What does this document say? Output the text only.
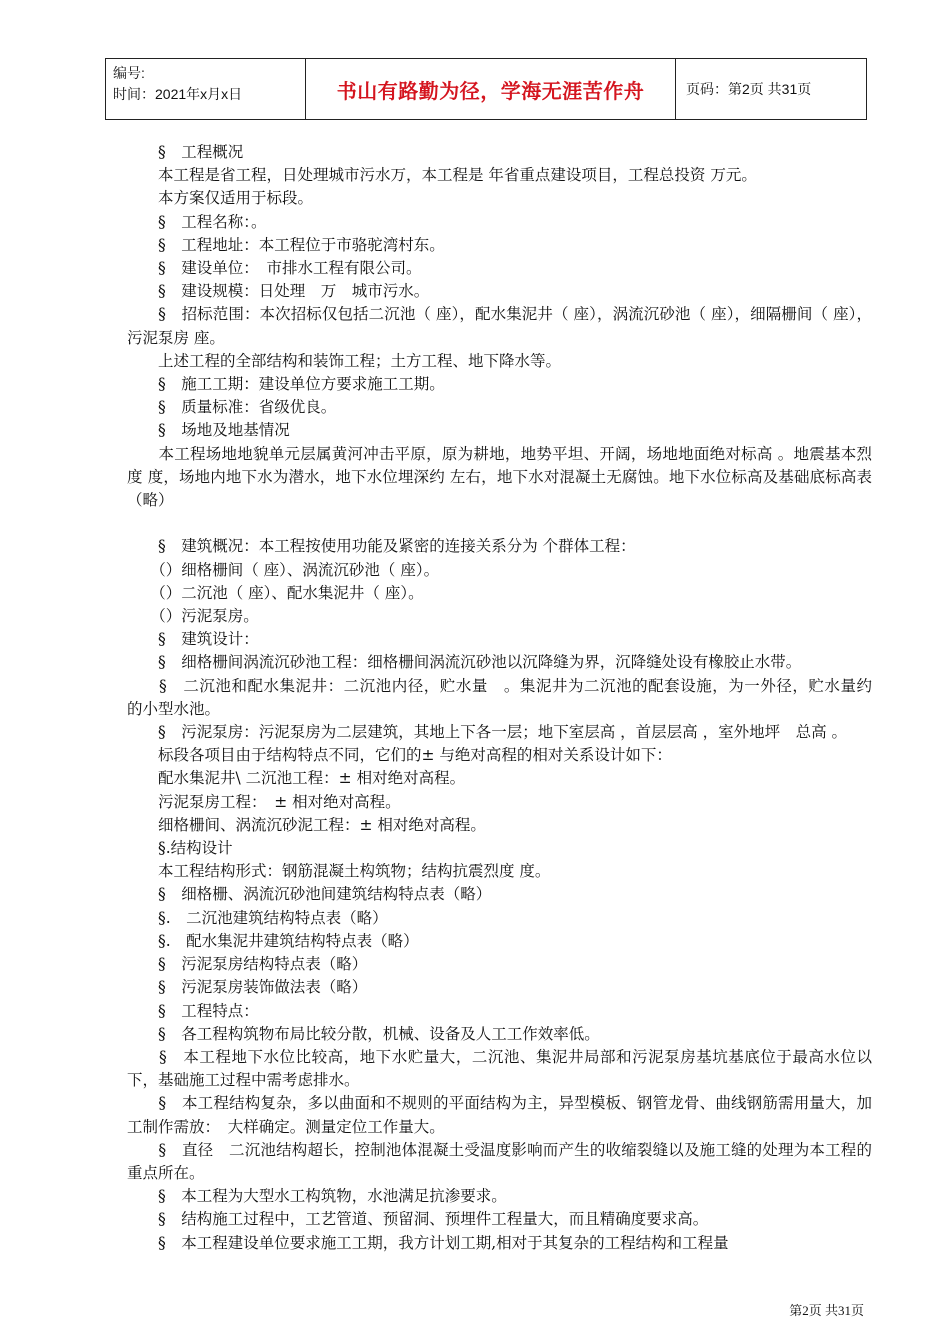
编号:
时间：2021年x月x日	书山有路勤为径，学海无涯苦作舟	页码：第2页 共31页

　　§　工程概况

　　本工程是省工程，日处理城市污水万，本工程是 年省重点建设项目，工程总投资 万元。

　　本方案仅适用于标段。

　　§　工程名称：。

　　§　工程地址：本工程位于市骆驼湾村东。

　　§　建设单位：　市排水工程有限公司。

　　§　建设规模：日处理　万　城市污水。

　　§　招标范围：本次招标仅包括二沉池（ 座），配水集泥井（ 座），涡流沉砂池（ 座），细隔栅间（ 座），污泥泵房 座。

　　上述工程的全部结构和装饰工程；土方工程、地下降水等。

　　§　施工工期：建设单位方要求施工工期。

　　§　质量标准：省级优良。

　　§　场地及地基情况

　　本工程场地地貌单元层属黄河冲击平原，原为耕地，地势平坦、开阔，场地地面绝对标高 。地震基本烈度 度，场地内地下水为潜水，地下水位埋深约 左右，地下水对混凝土无腐蚀。地下水位标高及基础底标高表（略）

　　§　建筑概况：本工程按使用功能及紧密的连接关系分为 个群体工程：

　　（）细格栅间（ 座）、涡流沉砂池（ 座）。

　　（）二沉池（ 座）、配水集泥井（ 座）。

　　（）污泥泵房。

　　§　建筑设计：

　　§　细格栅间涡流沉砂池工程：细格栅间涡流沉砂池以沉降缝为界，沉降缝处设有橡胶止水带。

　　§　二沉池和配水集泥井：二沉池内径，贮水量　。集泥井为二沉池的配套设施，为一外径，贮水量约　的小型水池。

　　§　污泥泵房：污泥泵房为二层建筑，其地上下各一层；地下室层高 ，首层层高 ，室外地坪　总高 。

　　标段各项目由于结构特点不同，它们的± 与绝对高程的相对关系设计如下：

　　配水集泥井\ 二沉池工程：± 相对绝对高程。

　　污泥泵房工程：　± 相对绝对高程。

　　细格栅间、涡流沉砂泥工程：± 相对绝对高程。

　　§.结构设计

　　本工程结构形式：钢筋混凝土构筑物；结构抗震烈度 度。

　　§　细格栅、涡流沉砂池间建筑结构特点表（略）

　　§.　二沉池建筑结构特点表（略）

　　§.　配水集泥井建筑结构特点表（略）

　　§　污泥泵房结构特点表（略）

　　§　污泥泵房装饰做法表（略）

　　§　工程特点：

　　§　各工程构筑物布局比较分散，机械、设备及人工工作效率低。

　　§　本工程地下水位比较高，地下水贮量大，二沉池、集泥井局部和污泥泵房基坑基底位于最高水位以下，基础施工过程中需考虑排水。

　　§　本工程结构复杂，多以曲面和不规则的平面结构为主，异型模板、钢管龙骨、曲线钢筋需用量大，加工制作需放：　大样确定。测量定位工作量大。

　　§　直径　二沉池结构超长，控制池体混凝土受温度影响而产生的收缩裂缝以及施工缝的处理为本工程的重点所在。

　　§　本工程为大型水工构筑物，水池满足抗渗要求。

　　§　结构施工过程中，工艺管道、预留洞、预埋件工程量大，而且精确度要求高。

　　§　本工程建设单位要求施工工期，我方计划工期,相对于其复杂的工程结构和工程量

第2页 共31页
